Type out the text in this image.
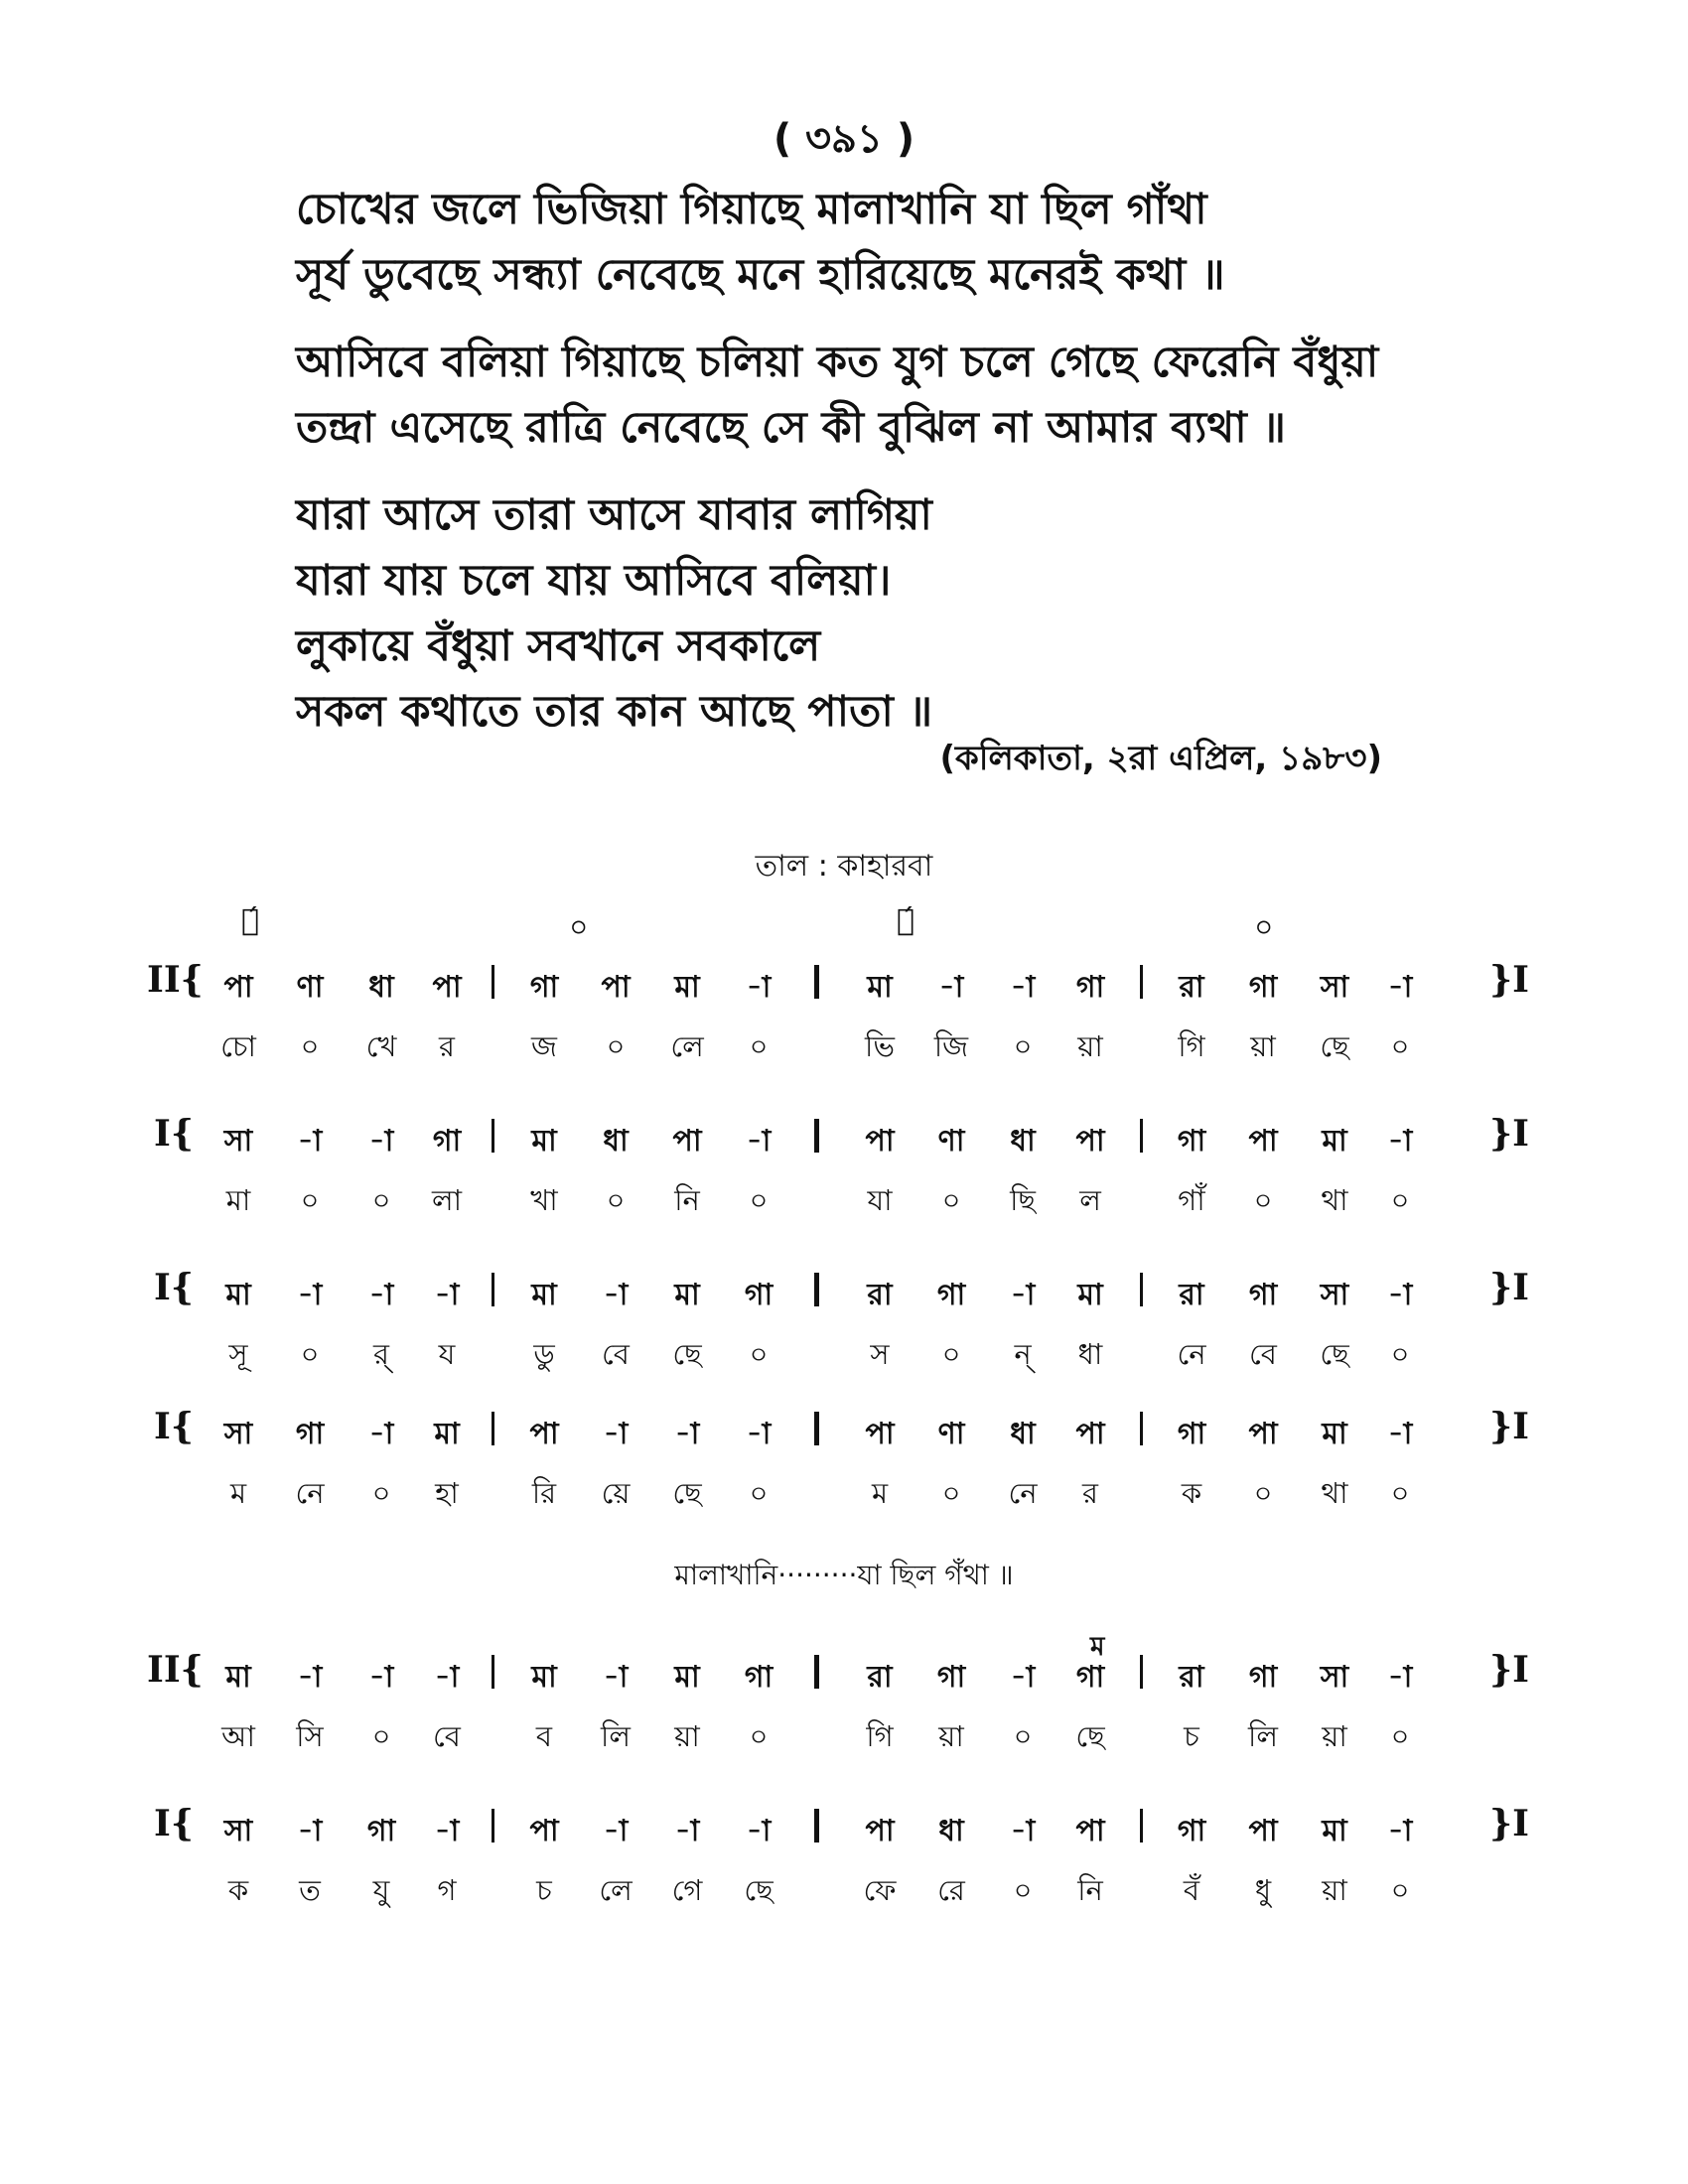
( ৩৯১ )
চোখের জলে ভিজিয়া গিয়াছে মালাখানি যা ছিল গাঁথা
সূর্য ডুবেছে সন্ধ্যা নেবেছে মনে হারিয়েছে মনেরই কথা ॥
আসিবে বলিয়া গিয়াছে চলিয়া কত যুগ চলে গেছে ফেরেনি বঁধুয়া
তন্দ্রা এসেছে রাত্রি নেবেছে সে কী বুঝিল না আমার ব্যথা ॥
যারা আসে তারা আসে যাবার লাগিয়া
যারা যায় চলে যায় আসিবে বলিয়া।
লুকায়ে বঁধুয়া সবখানে সবকালে
সকল কথাতে তার কান আছে পাতা ॥
(কলিকাতা, ২রা এপ্রিল, ১৯৮৩)
তাল : কাহারবা
১́	০	১́	০
II{	}I
পা	ণা	ধা	পা	গা	পা	মা	-া	মা	-া	-া	গা	রা	গা	সা	-া
চো	০	খে	র	জ	০	লে	০	ভি	জি	০	য়া	গি	য়া	ছে	০
I{	}I
সা	-া	-া	গা	মা	ধা	পা	-া	পা	ণা	ধা	পা	গা	পা	মা	-া
মা	০	০	লা	খা	০	নি	০	যা	০	ছি	ল	গাঁ	০	থা	০
I{	}I
মা	-া	-া	-া	মা	-া	মা	গা	রা	গা	-া	মা	রা	গা	সা	-া
সূ	০	র্	য	ডু	বে	ছে	০	স	০	ন্	ধা	নে	বে	ছে	০
I{	}I
সা	গা	-া	মা	পা	-া	-া	-া	পা	ণা	ধা	পা	গা	পা	মা	-া
ম	নে	০	হা	রি	য়ে	ছে	০	ম	০	নে	র	ক	০	থা	০
II{	}I
মা	-া	-া	-া	মা	-া	মা	গা	রা	গা	-া	গা	রা	গা	সা	-া
আ	সি	০	বে	ব	লি	য়া	০	গি	য়া	০	ছে	চ	লি	য়া	০
I{	}I
সা	-া	গা	-া	পা	-া	-া	-া	পা	ধা	-া	পা	গা	পা	মা	-া
ক	ত	যু	গ	চ	লে	গে	ছে	ফে	রে	০	নি	বঁ	ধু	য়া	০
মালাখানি·········যা ছিল গঁথা ॥
ম
